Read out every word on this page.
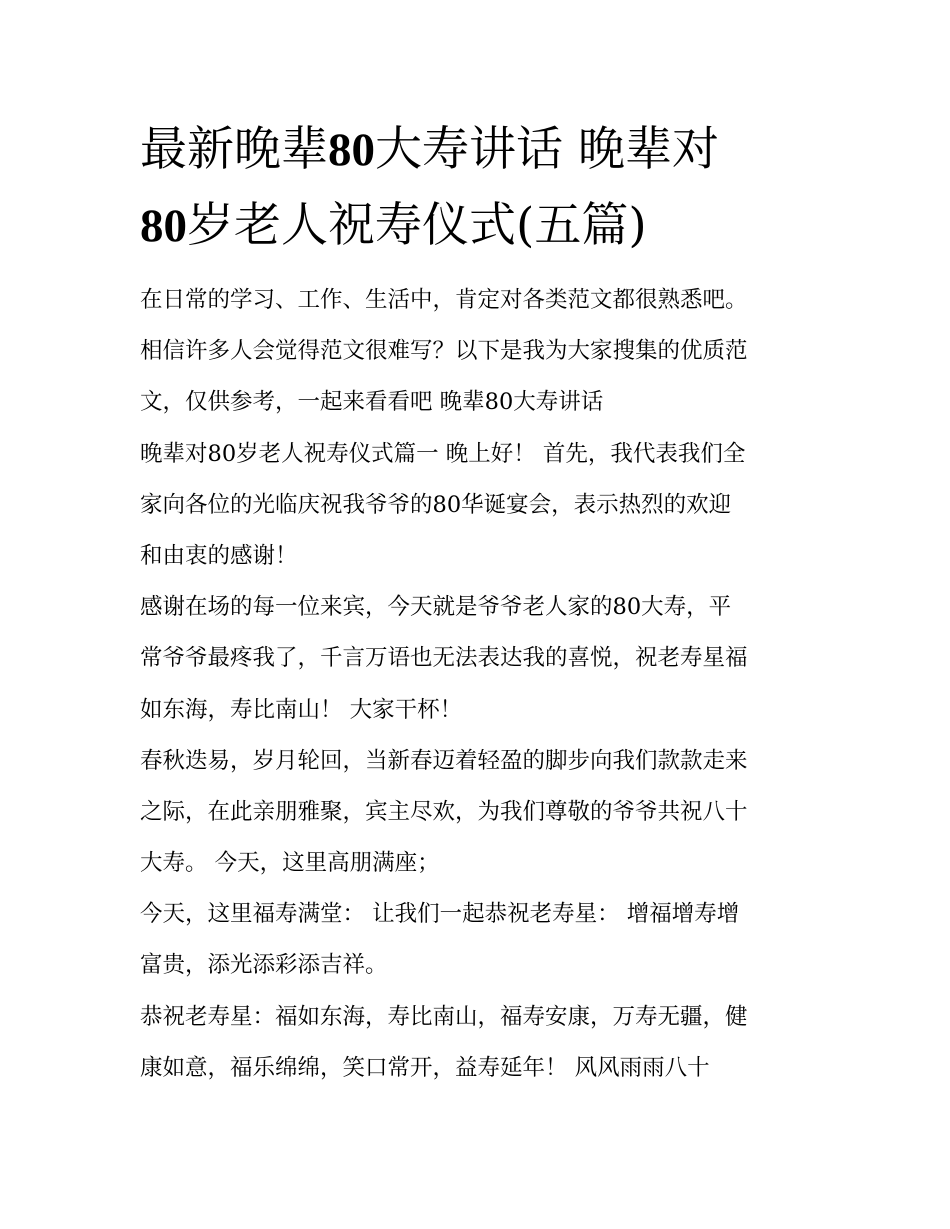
最新晚辈80大寿讲话 晚辈对
80岁老人祝寿仪式(五篇)
在日常的学习、工作、生活中，肯定对各类范文都很熟悉吧。
相信许多人会觉得范文很难写？以下是我为大家搜集的优质范
文，仅供参考，一起来看看吧 晚辈80大寿讲话
晚辈对80岁老人祝寿仪式篇一 晚上好！ 首先，我代表我们全
家向各位的光临庆祝我爷爷的80华诞宴会，表示热烈的欢迎
和由衷的感谢！
感谢在场的每一位来宾，今天就是爷爷老人家的80大寿，平
常爷爷最疼我了，千言万语也无法表达我的喜悦，祝老寿星福
如东海，寿比南山！ 大家干杯！
春秋迭易，岁月轮回，当新春迈着轻盈的脚步向我们款款走来
之际，在此亲朋雅聚，宾主尽欢，为我们尊敬的爷爷共祝八十
大寿。 今天，这里高朋满座；
今天，这里福寿满堂： 让我们一起恭祝老寿星： 增福增寿增
富贵，添光添彩添吉祥。
恭祝老寿星：福如东海，寿比南山，福寿安康，万寿无疆，健
康如意，福乐绵绵，笑口常开，益寿延年！ 风风雨雨八十
